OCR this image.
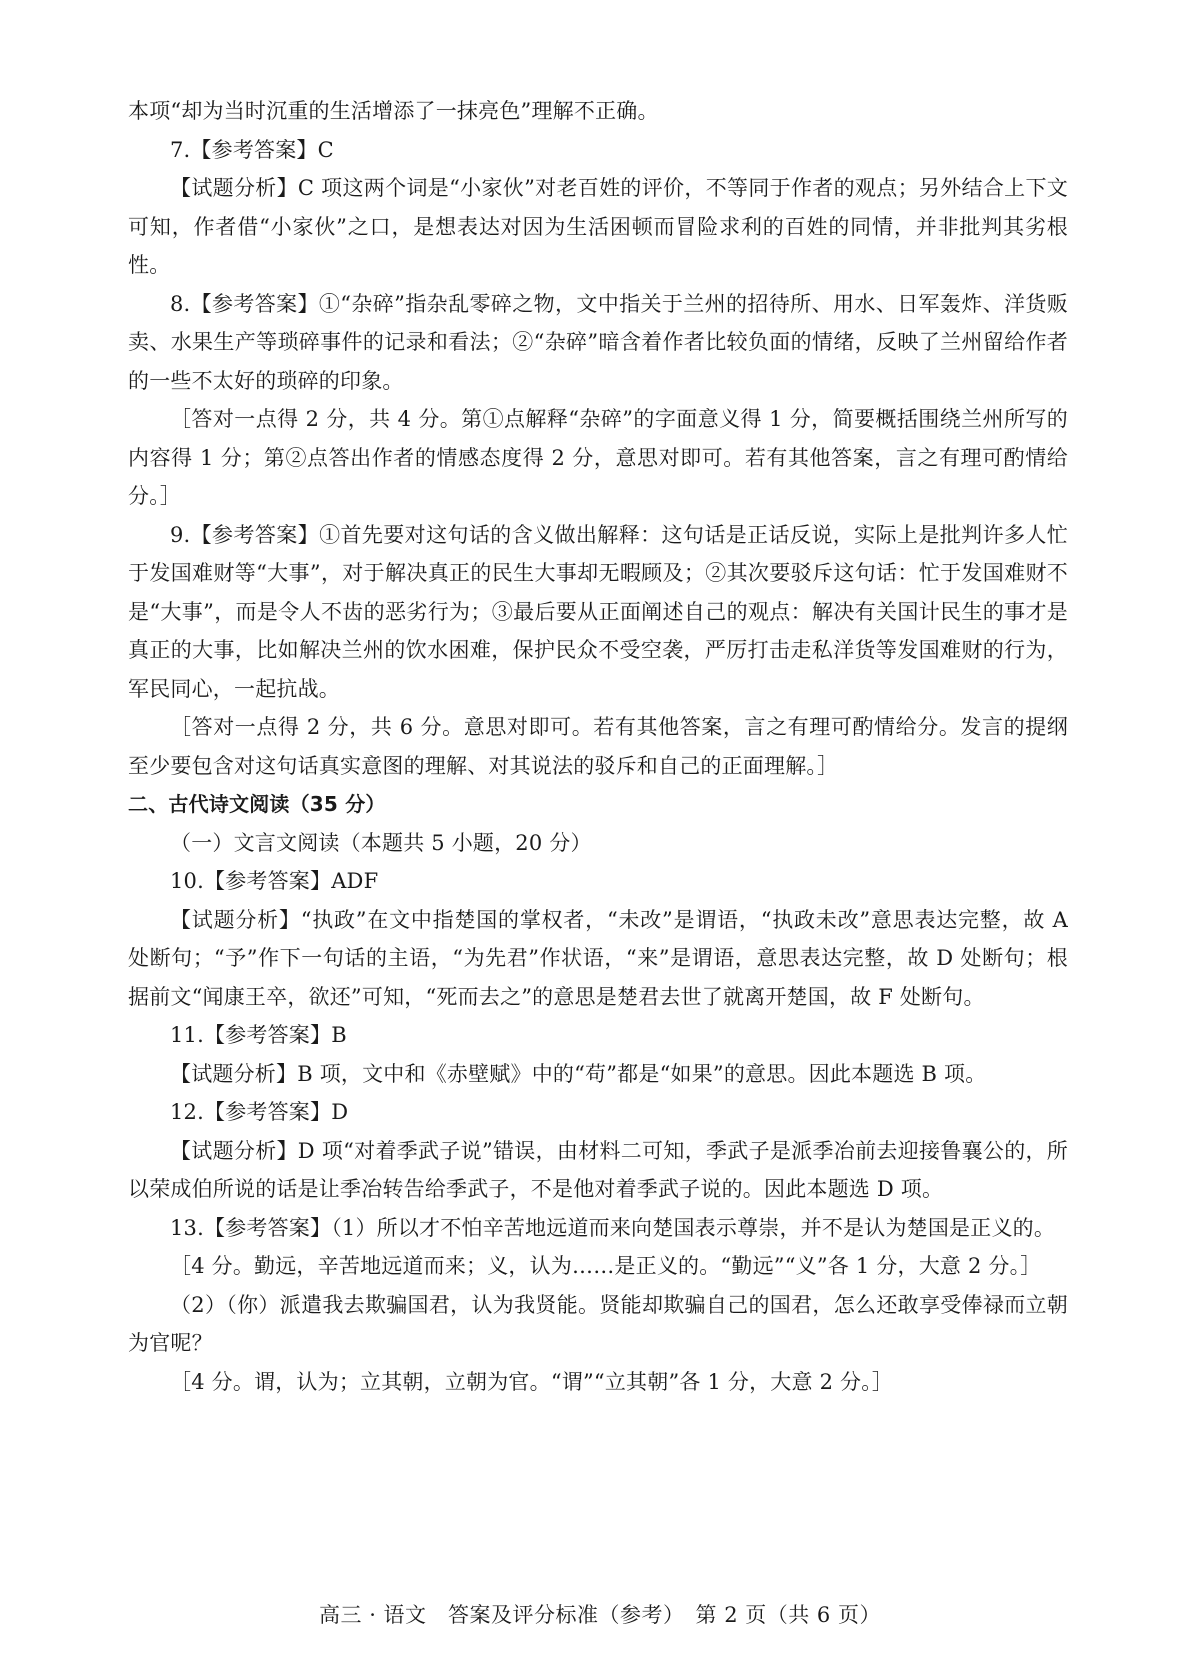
本项“却为当时沉重的生活增添了一抹亮色”理解不正确。

7.【参考答案】C

【试题分析】C 项这两个词是“小家伙”对老百姓的评价，不等同于作者的观点；另外结合上下文可知，作者借“小家伙”之口，是想表达对因为生活困顿而冒险求利的百姓的同情，并非批判其劣根性。

8.【参考答案】①“杂碎”指杂乱零碎之物，文中指关于兰州的招待所、用水、日军轰炸、洋货贩卖、水果生产等琐碎事件的记录和看法；②“杂碎”暗含着作者比较负面的情绪，反映了兰州留给作者的一些不太好的琐碎的印象。

［答对一点得 2 分，共 4 分。第①点解释“杂碎”的字面意义得 1 分，简要概括围绕兰州所写的内容得 1 分；第②点答出作者的情感态度得 2 分，意思对即可。若有其他答案，言之有理可酌情给分。］

9.【参考答案】①首先要对这句话的含义做出解释：这句话是正话反说，实际上是批判许多人忙于发国难财等“大事”，对于解决真正的民生大事却无暇顾及；②其次要驳斥这句话：忙于发国难财不是“大事”，而是令人不齿的恶劣行为；③最后要从正面阐述自己的观点：解决有关国计民生的事才是真正的大事，比如解决兰州的饮水困难，保护民众不受空袭，严厉打击走私洋货等发国难财的行为，军民同心，一起抗战。

［答对一点得 2 分，共 6 分。意思对即可。若有其他答案，言之有理可酌情给分。发言的提纲至少要包含对这句话真实意图的理解、对其说法的驳斥和自己的正面理解。］

二、古代诗文阅读（35 分）

（一）文言文阅读（本题共 5 小题，20 分）

10.【参考答案】ADF

【试题分析】“执政”在文中指楚国的掌权者，“未改”是谓语，“执政未改”意思表达完整，故 A 处断句；“予”作下一句话的主语，“为先君”作状语，“来”是谓语，意思表达完整，故 D 处断句；根据前文“闻康王卒，欲还”可知，“死而去之”的意思是楚君去世了就离开楚国，故 F 处断句。

11.【参考答案】B

【试题分析】B 项，文中和《赤壁赋》中的“苟”都是“如果”的意思。因此本题选 B 项。

12.【参考答案】D

【试题分析】D 项“对着季武子说”错误，由材料二可知，季武子是派季冶前去迎接鲁襄公的，所以荣成伯所说的话是让季冶转告给季武子，不是他对着季武子说的。因此本题选 D 项。

13.【参考答案】（1）所以才不怕辛苦地远道而来向楚国表示尊崇，并不是认为楚国是正义的。

［4 分。勤远，辛苦地远道而来；义，认为……是正义的。“勤远”“义”各 1 分，大意 2 分。］

（2）（你）派遣我去欺骗国君，认为我贤能。贤能却欺骗自己的国君，怎么还敢享受俸禄而立朝为官呢？

［4 分。谓，认为；立其朝，立朝为官。“谓”“立其朝”各 1 分，大意 2 分。］

高三 · 语文　答案及评分标准（参考）　第 2 页（共 6 页）
